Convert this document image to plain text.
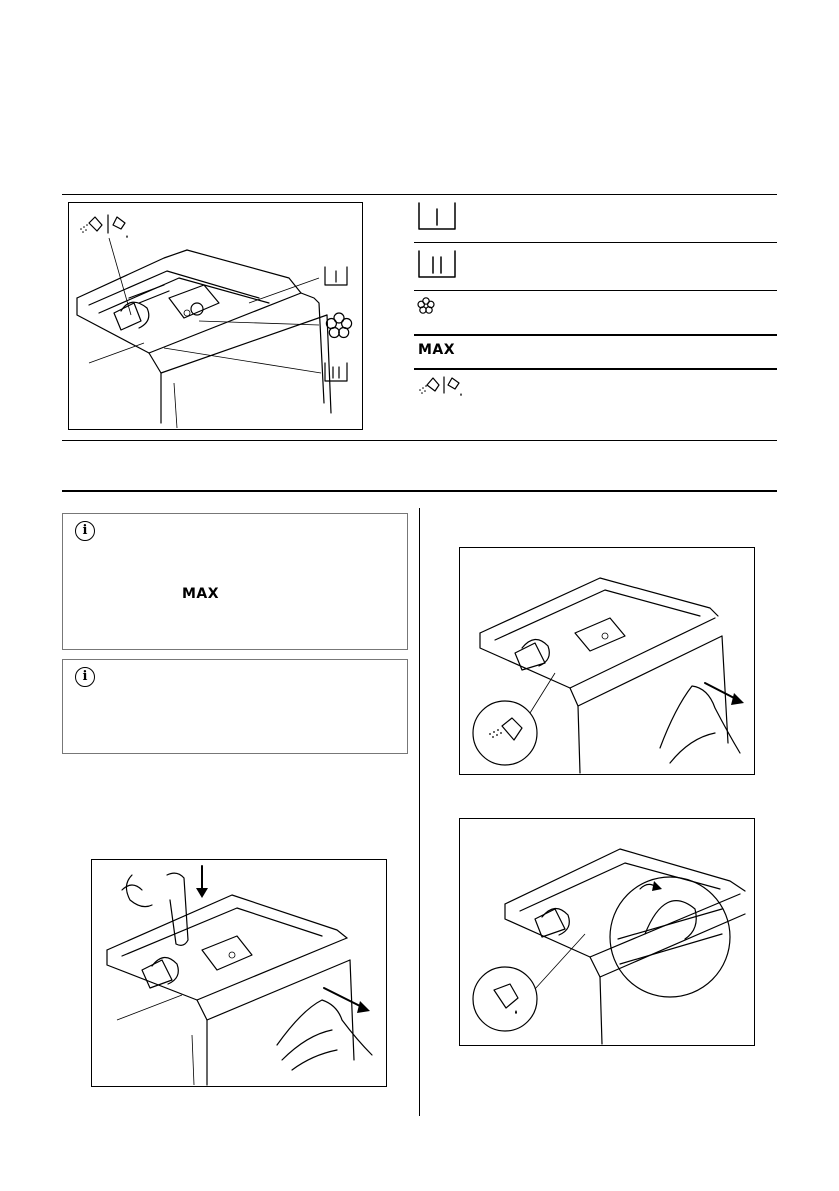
MAX
i
MAX
i
